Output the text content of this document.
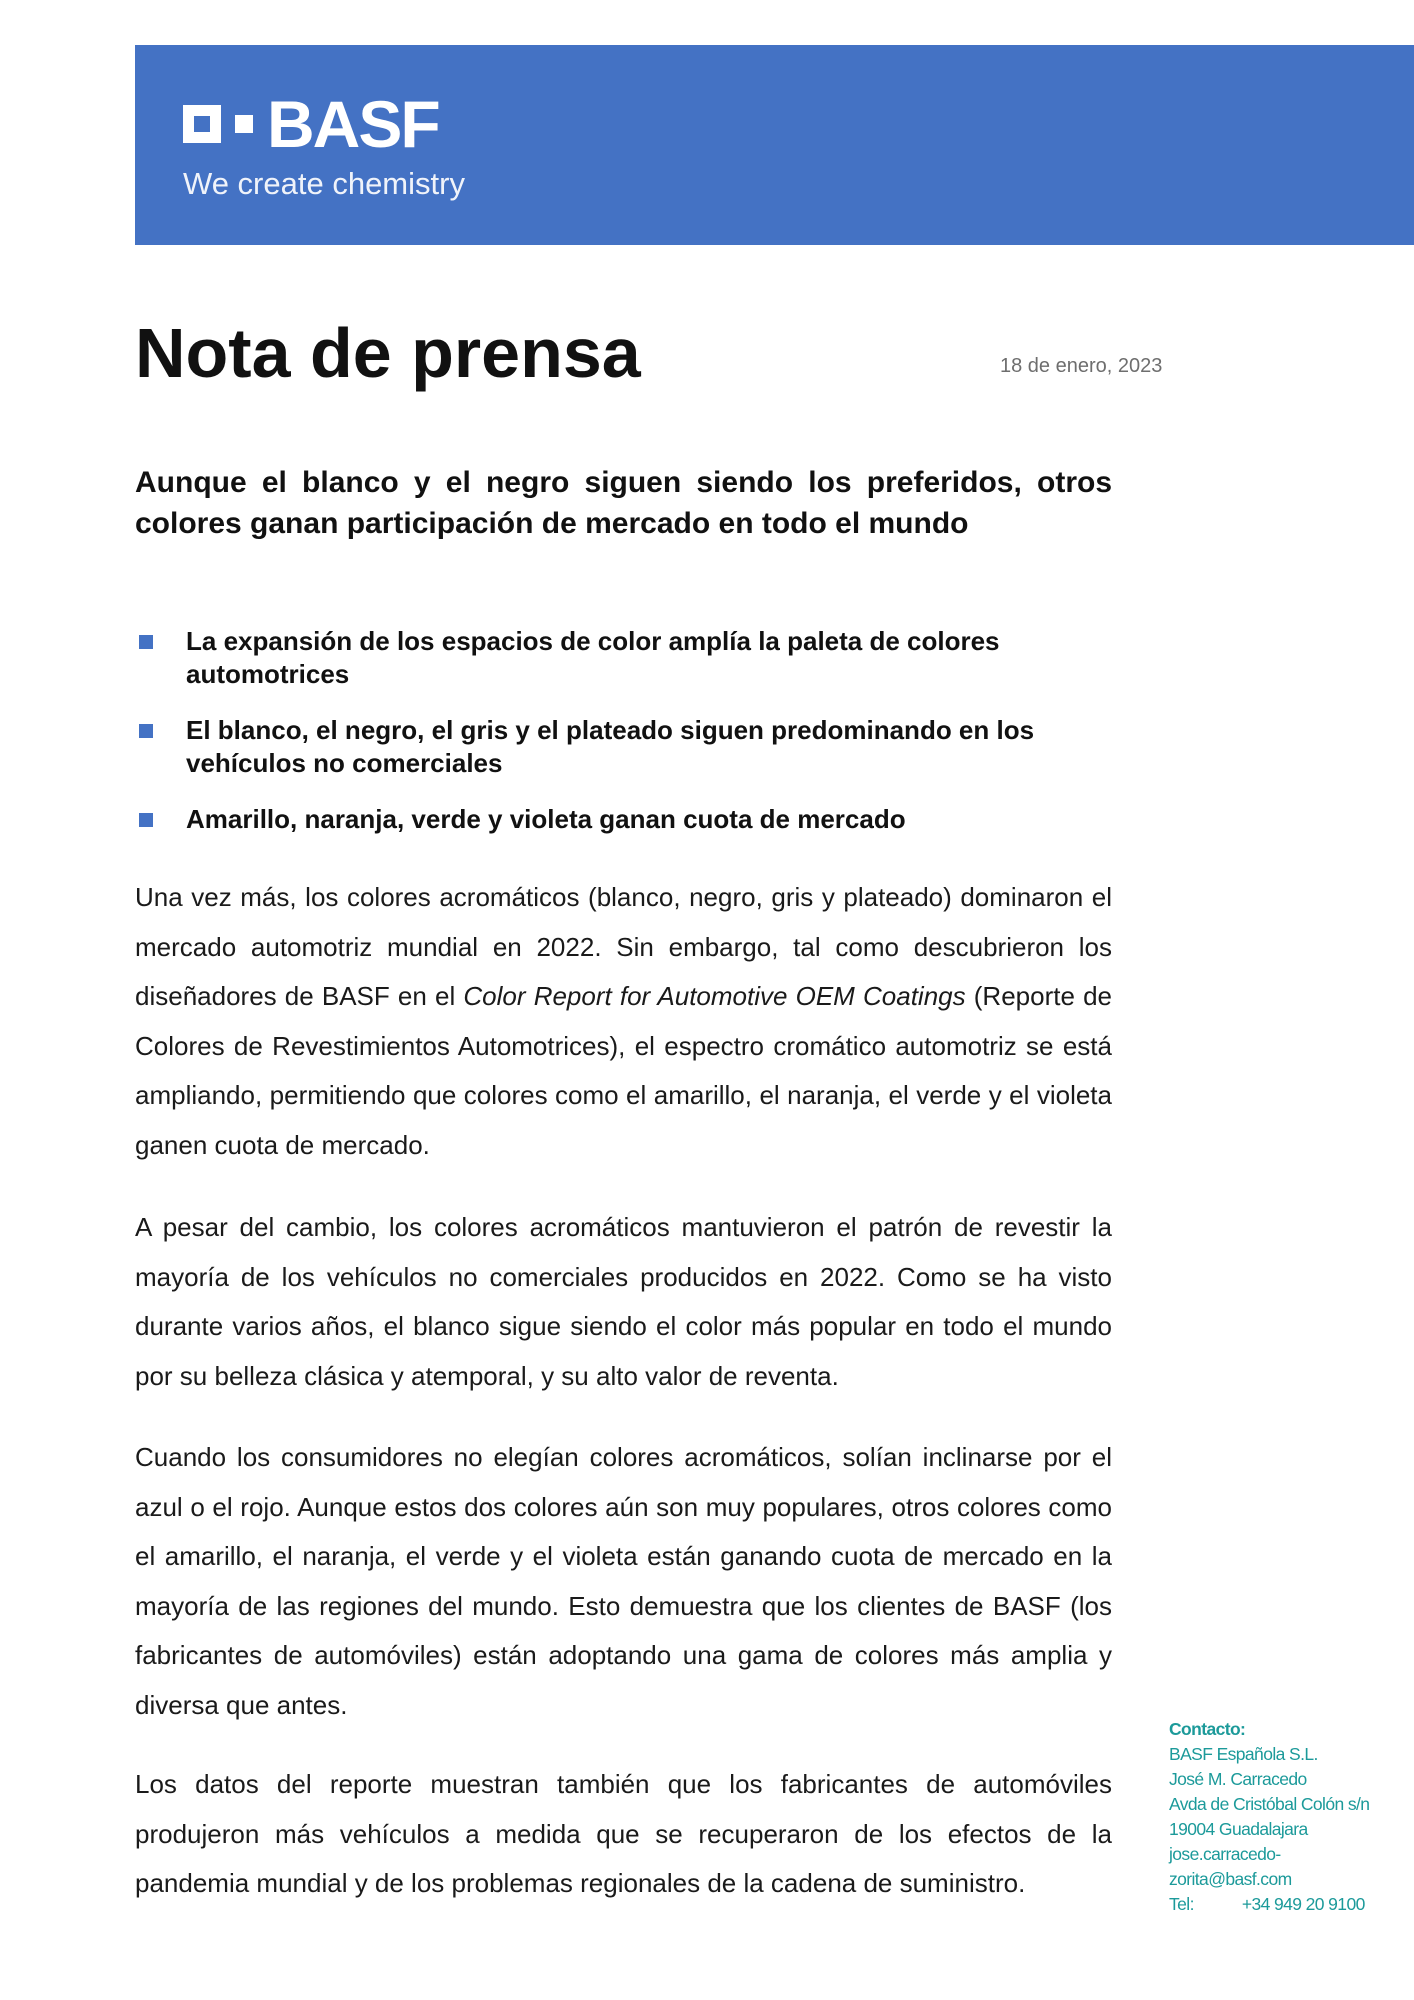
BASF
We create chemistry
Nota de prensa	18 de enero, 2023
Aunque el blanco y el negro siguen siendo los preferidos, otros colores ganan participación de mercado en todo el mundo
La expansión de los espacios de color amplía la paleta de colores automotrices
El blanco, el negro, el gris y el plateado siguen predominando en los vehículos no comerciales
Amarillo, naranja, verde y violeta ganan cuota de mercado

Una vez más, los colores acromáticos (blanco, negro, gris y plateado) dominaron el mercado automotriz mundial en 2022. Sin embargo, tal como descubrieron los diseñadores de BASF en el Color Report for Automotive OEM Coatings (Reporte de Colores de Revestimientos Automotrices), el espectro cromático automotriz se está ampliando, permitiendo que colores como el amarillo, el naranja, el verde y el violeta ganen cuota de mercado.

A pesar del cambio, los colores acromáticos mantuvieron el patrón de revestir la mayoría de los vehículos no comerciales producidos en 2022. Como se ha visto durante varios años, el blanco sigue siendo el color más popular en todo el mundo por su belleza clásica y atemporal, y su alto valor de reventa.

Cuando los consumidores no elegían colores acromáticos, solían inclinarse por el azul o el rojo. Aunque estos dos colores aún son muy populares, otros colores como el amarillo, el naranja, el verde y el violeta están ganando cuota de mercado en la mayoría de las regiones del mundo. Esto demuestra que los clientes de BASF (los fabricantes de automóviles) están adoptando una gama de colores más amplia y diversa que antes.

Los datos del reporte muestran también que los fabricantes de automóviles produjeron más vehículos a medida que se recuperaron de los efectos de la pandemia mundial y de los problemas regionales de la cadena de suministro.

Contacto:
BASF Española S.L.
José M. Carracedo
Avda de Cristóbal Colón s/n
19004 Guadalajara
jose.carracedo-
zorita@basf.com
Tel:	+34 949 20 9100
